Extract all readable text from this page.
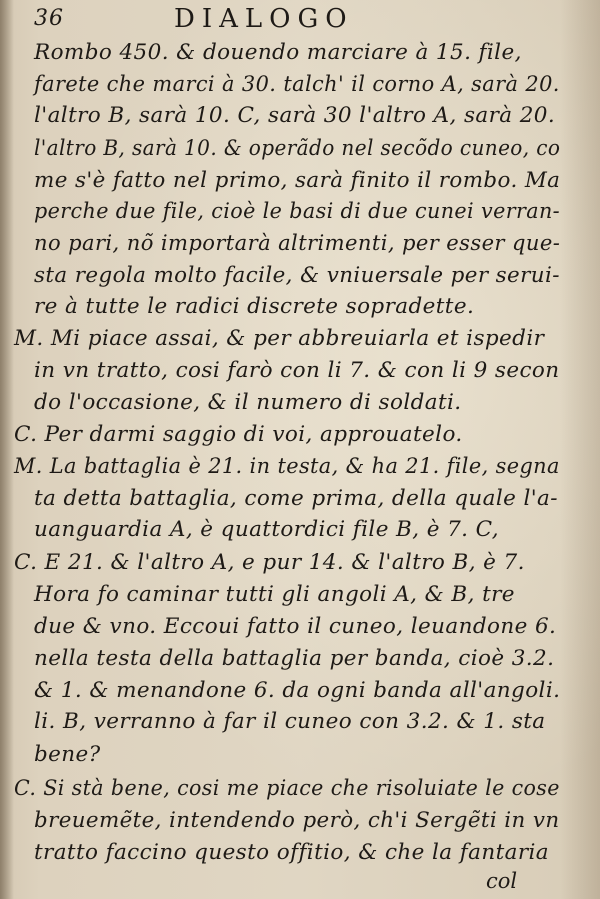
36	DIALOGO
Rombo 450. & douendo marciare à 15. file,
farete che marci à 30. talch' il corno A, sarà 20.
l'altro B, sarà 10. C, sarà 30 l'altro A, sarà 20.
l'altro B, sarà 10. & operãdo nel secõdo cuneo, co
me s'è fatto nel primo, sarà finito il rombo. Ma
perche due file, cioè le basi di due cunei verran-
no pari, nõ importarà altrimenti, per esser que-
sta regola molto facile, & vniuersale per serui-
re à tutte le radici discrete sopradette.
M. Mi piace assai, & per abbreuiarla et ispedir
in vn tratto, cosi farò con li 7. & con li 9 secon
do l'occasione, & il numero di soldati.
C. Per darmi saggio di voi, approuatelo.
M. La battaglia è 21. in testa, & ha 21. file, segna
ta detta battaglia, come prima, della quale l'a-
uanguardia A, è quattordici file B, è 7. C,
C. E 21. & l'altro A, e pur 14. & l'altro B, è 7.
Hora fo caminar tutti gli angoli A, & B, tre
due & vno. Eccoui fatto il cuneo, leuandone 6.
nella testa della battaglia per banda, cioè 3.2.
& 1. & menandone 6. da ogni banda all'angoli.
li. B, verranno à far il cuneo con 3.2. & 1. sta
bene?
C. Si stà bene, cosi me piace che risoluiate le cose
breuemẽte, intendendo però, ch'i Sergẽti in vn
tratto faccino questo offitio, & che la fantaria
col
